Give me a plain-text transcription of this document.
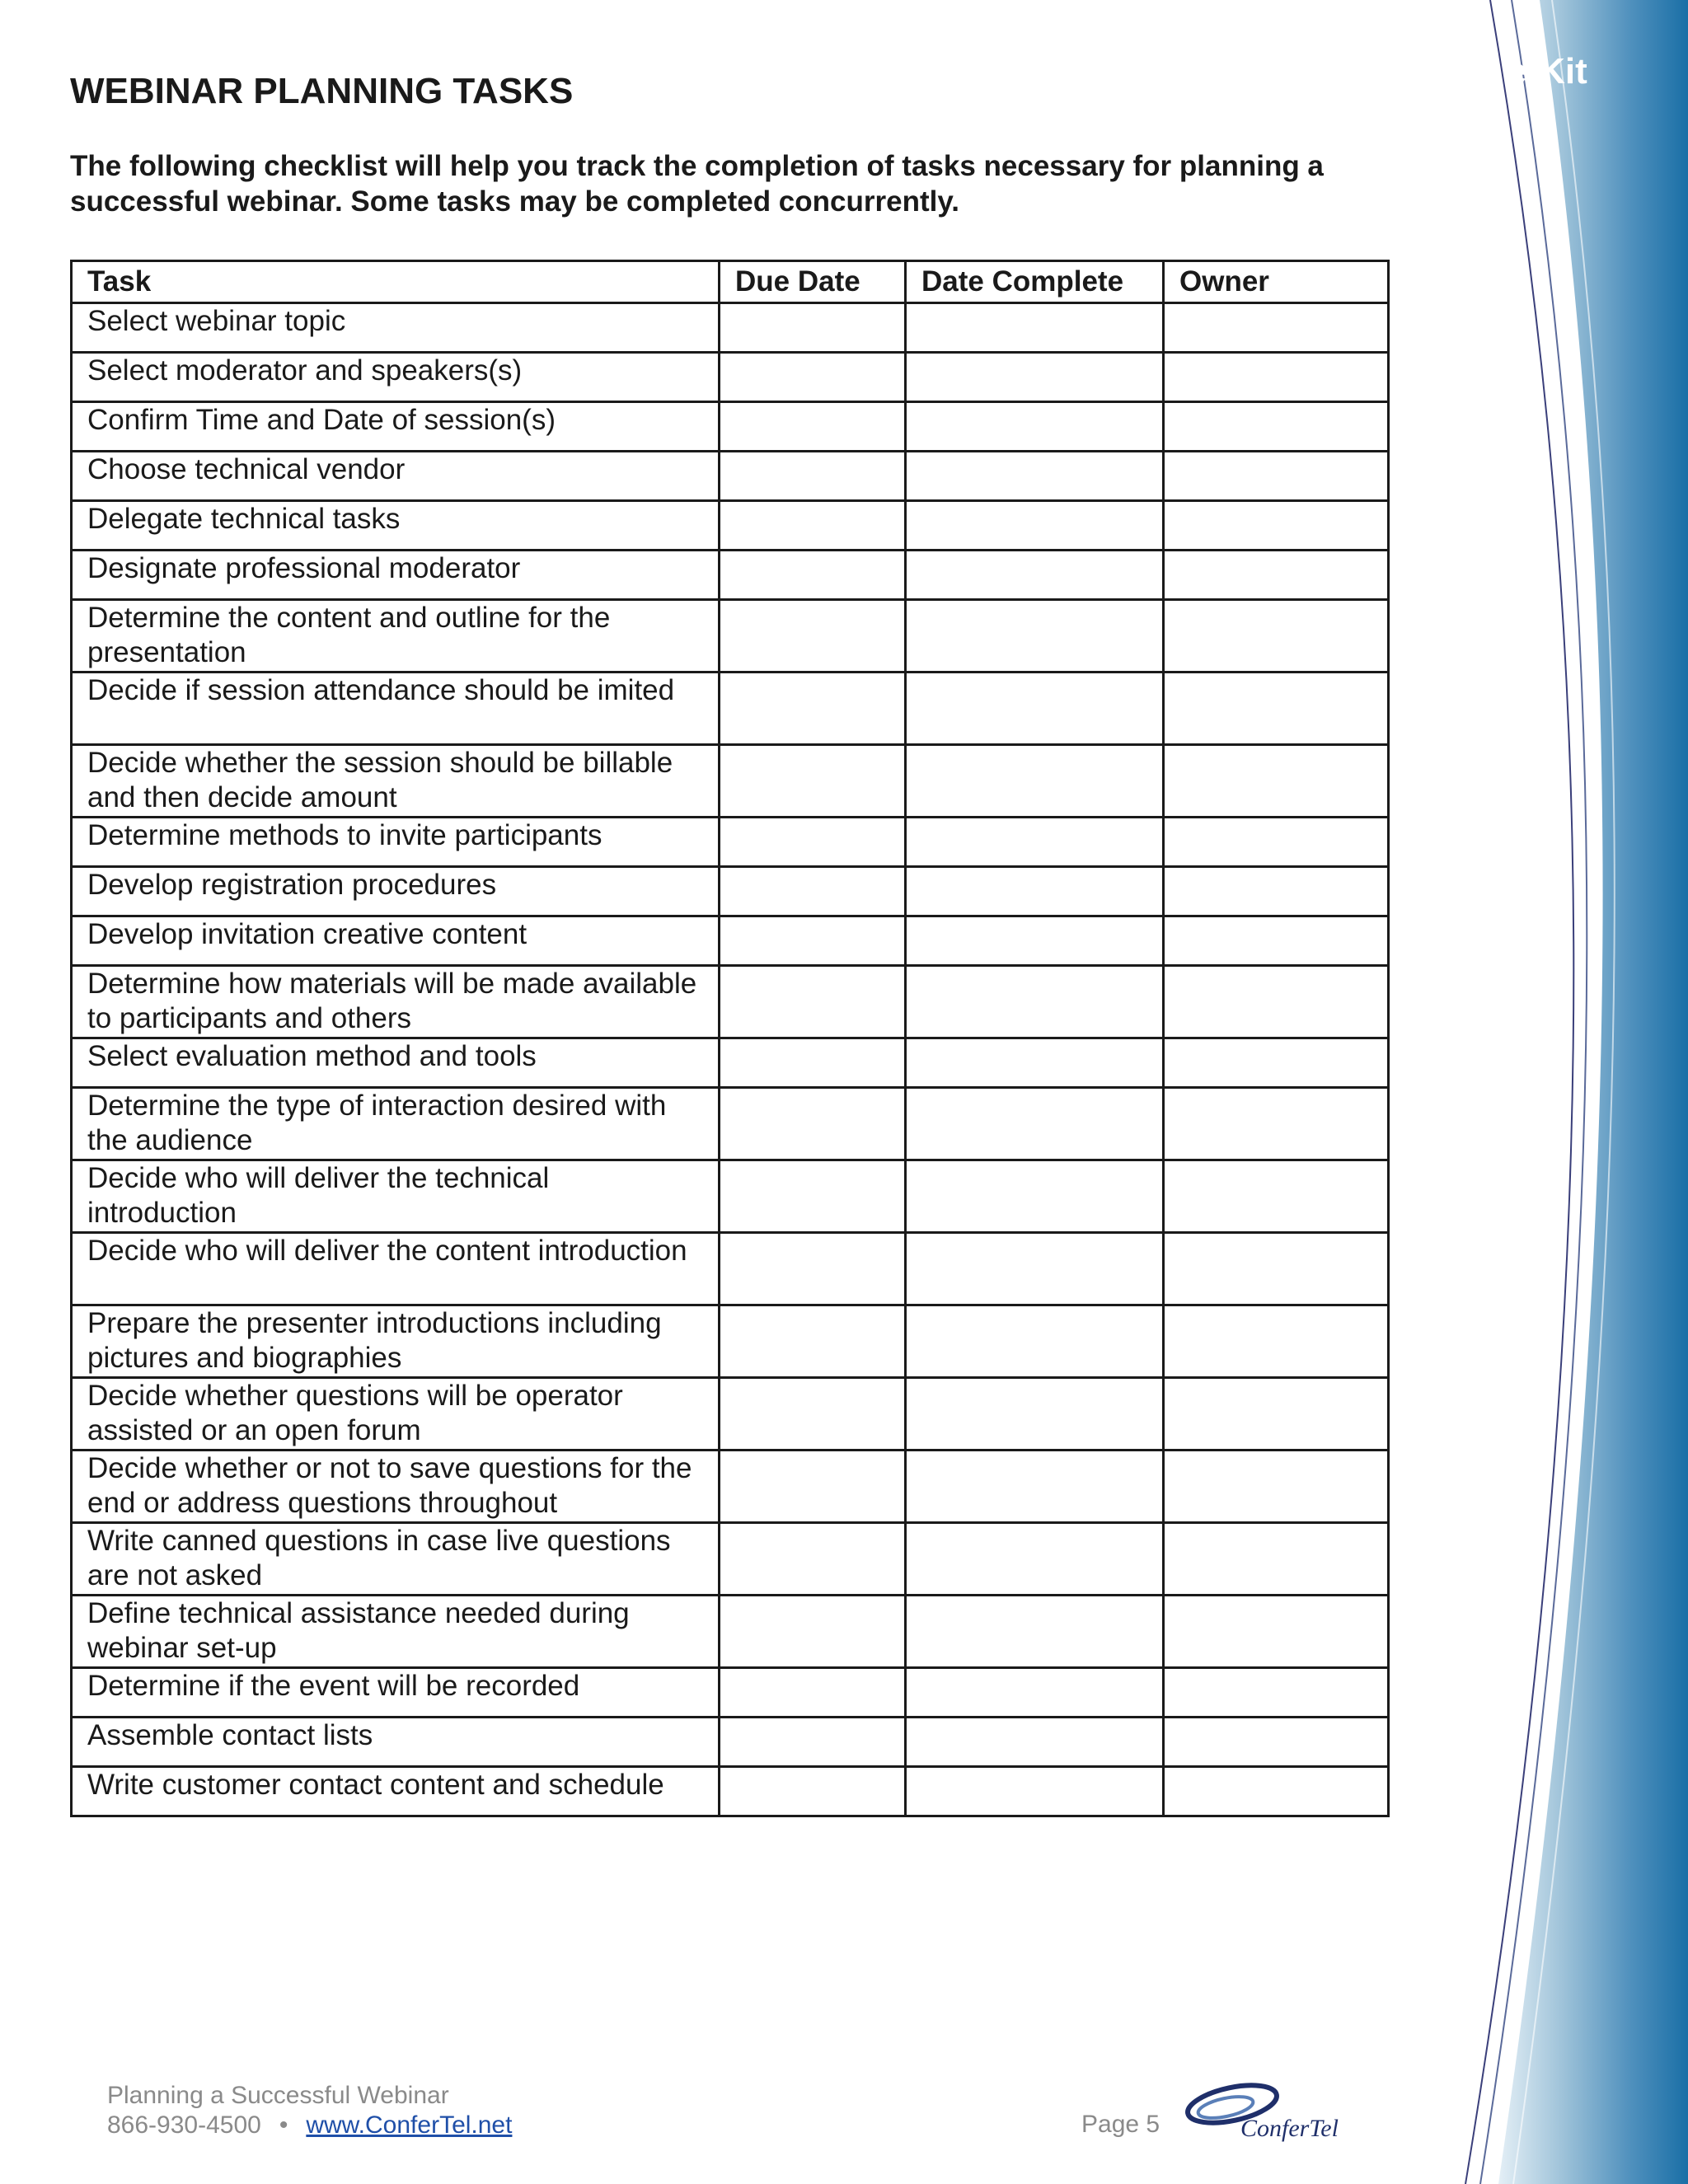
e-Kit
WEBINAR PLANNING TASKS

The following checklist will help you track the completion of tasks necessary for planning a successful webinar. Some tasks may be completed concurrently.

Task	Due Date	Date Complete	Owner
Select webinar topic			
Select moderator and speakers(s)			
Confirm Time and Date of session(s)			
Choose technical vendor			
Delegate technical tasks			
Designate professional moderator			
Determine the content and outline for the presentation			
Decide if session attendance should be imited			
Decide whether the session should be billable and then decide amount			
Determine methods to invite participants			
Develop registration procedures			
Develop invitation creative content			
Determine how materials will be made available to participants and others			
Select evaluation method and tools			
Determine the type of interaction desired with the audience			
Decide who will deliver the technical introduction			
Decide who will deliver the content introduction			
Prepare the presenter introductions including pictures and biographies			
Decide whether questions will be operator assisted or an open forum			
Decide whether or not to save questions for the end or address questions throughout			
Write canned questions in case live questions are not asked			
Define technical assistance needed during webinar set-up			
Determine if the event will be recorded			
Assemble contact lists			
Write customer contact content and schedule			
Planning a Successful Webinar
866-930-4500 • www.ConferTel.net	Page 5	ConferTel
